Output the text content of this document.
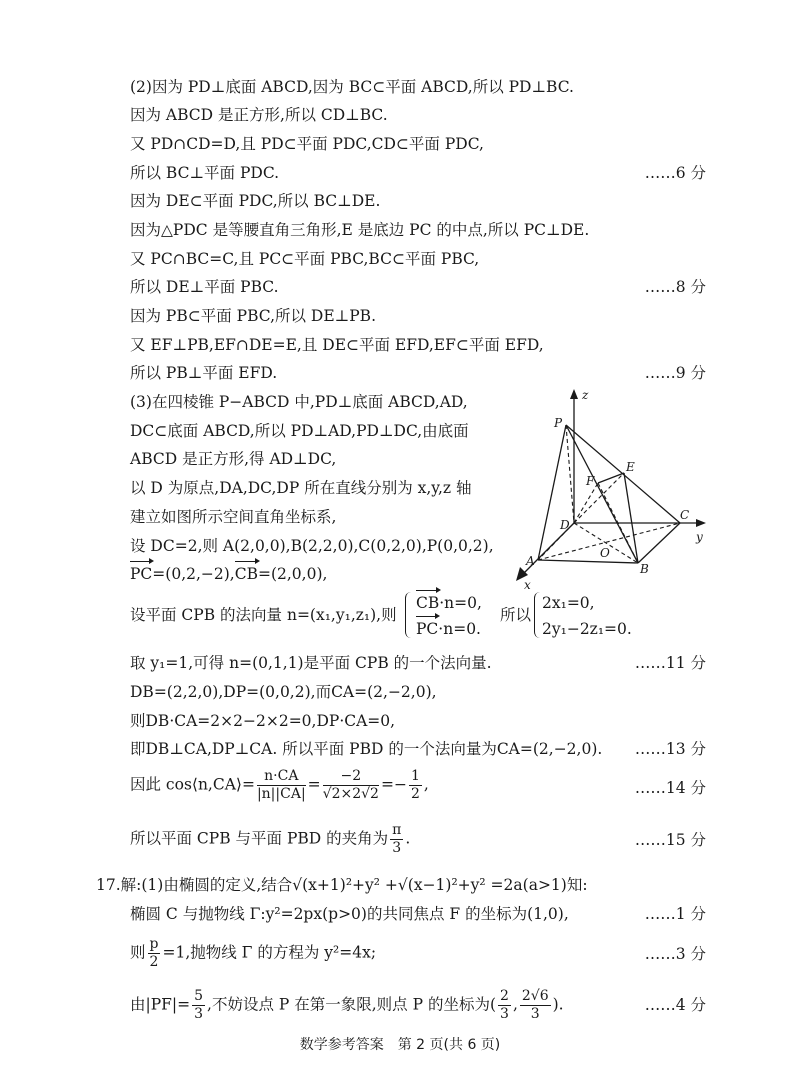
(2)因为 PD⊥底面 ABCD,因为 BC⊂平面 ABCD,所以 PD⊥BC.
因为 ABCD 是正方形,所以 CD⊥BC.
又 PD∩CD=D,且 PD⊂平面 PDC,CD⊂平面 PDC,
所以 BC⊥平面 PDC.	……6 分
因为 DE⊂平面 PDC,所以 BC⊥DE.
因为△PDC 是等腰直角三角形,E 是底边 PC 的中点,所以 PC⊥DE.
又 PC∩BC=C,且 PC⊂平面 PBC,BC⊂平面 PBC,
所以 DE⊥平面 PBC.	……8 分
因为 PB⊂平面 PBC,所以 DE⊥PB.
又 EF⊥PB,EF∩DE=E,且 DE⊂平面 EFD,EF⊂平面 EFD,
所以 PB⊥平面 EFD.	……9 分
(3)在四棱锥 P−ABCD 中,PD⊥底面 ABCD,AD,
DC⊂底面 ABCD,所以 PD⊥AD,PD⊥DC,由底面
ABCD 是正方形,得 AD⊥DC,
以 D 为原点,DA,DC,DP 所在直线分别为 x,y,z 轴
建立如图所示空间直角坐标系,
设 DC=2,则 A(2,0,0),B(2,2,0),C(0,2,0),P(0,0,2),
PC=(0,2,−2),CB=(2,0,0),
设平面 CPB 的法向量 n=(x₁,y₁,z₁),则
CB·n=0,
PC·n=0.
所以
2x₁=0,
2y₁−2z₁=0.
取 y₁=1,可得 n=(0,1,1)是平面 CPB 的一个法向量.	……11 分
DB=(2,2,0),DP=(0,0,2),而CA=(2,−2,0),
则DB·CA=2×2−2×2=0,DP·CA=0,
即DB⊥CA,DP⊥CA. 所以平面 PBD 的一个法向量为CA=(2,−2,0). ……13 分
因此 cos⟨n,CA⟩= $\frac{n\cdot CA}{|n||CA|} = \frac{-2}{√2\times 2√2} =- \frac{1}{2}$ ,	……14 分
所以平面 CPB 与平面 PBD 的夹角为 $\frac{\pi}{3}$ .	……15 分
17.解:(1)由椭圆的定义,结合√(x+1)²+y² +√(x−1)²+y² =2a(a>1)知:
椭圆 C 与抛物线 Γ:y²=2px(p>0)的共同焦点 F 的坐标为(1,0),	……1 分
则 $\frac{p}{2} =1$,抛物线 Γ 的方程为 y²=4x;	……3 分
由$|PF|= \frac{5}{3}$ ,不妨设点 P 在第一象限,则点 P 的坐标为( $\frac{2}{3}$ , $\frac{2√6}{3}$ ).	……4 分
z
P
E
F
D
C
y
A
O
B
x
数学参考答案　第 2 页(共 6 页)
